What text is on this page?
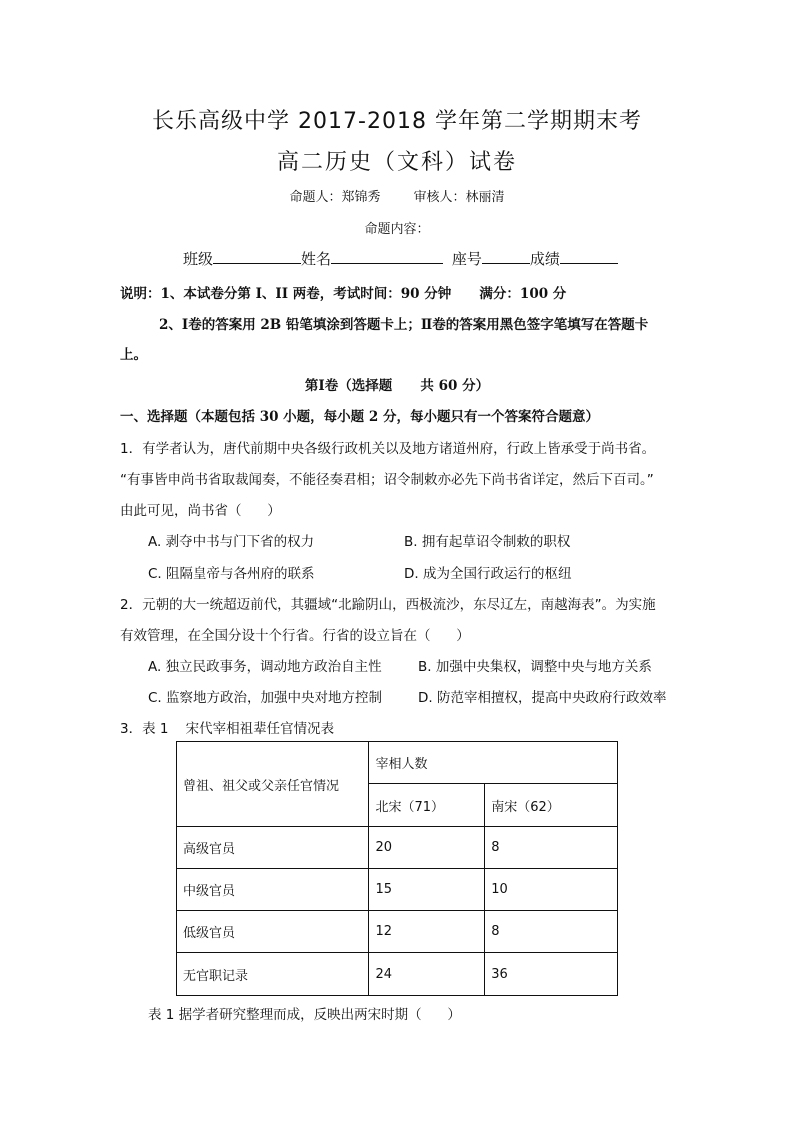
长乐高级中学 2017-2018 学年第二学期期末考
高二历史（文科）试卷
命题人：郑锦秀        审核人：林丽清
命题内容：
班级	姓名	座号	成绩
说明：1、本试卷分第 I、II 两卷，考试时间：90 分钟      满分：100 分
2、Ⅰ卷的答案用 2B 铅笔填涂到答题卡上；Ⅱ卷的答案用黑色签字笔填写在答题卡
上。
第Ⅰ卷（选择题      共 60 分）
一、选择题（本题包括 30 小题，每小题 2 分，每小题只有一个答案符合题意）
1．有学者认为，唐代前期中央各级行政机关以及地方诸道州府，行政上皆承受于尚书省。
“有事皆申尚书省取裁闻奏，不能径奏君相；诏令制敕亦必先下尚书省详定，然后下百司。”
由此可见，尚书省（      ）
A. 剥夺中书与门下省的权力	B. 拥有起草诏令制敕的职权
C. 阻隔皇帝与各州府的联系	D. 成为全国行政运行的枢纽
2．元朝的大一统超迈前代，其疆域“北踰阴山，西极流沙，东尽辽左，南越海表”。为实施
有效管理，在全国分设十个行省。行省的设立旨在（      ）
A. 独立民政事务，调动地方政治自主性	B. 加强中央集权，调整中央与地方关系
C. 监察地方政治，加强中央对地方控制	D. 防范宰相擅权，提高中央政府行政效率
3．表 1    宋代宰相祖辈任官情况表
曾祖、祖父或父亲任官情况	宰相人数	
	北宋（71）	南宋（62）
高级官员	20	8
中级官员	15	10
低级官员	12	8
无官职记录	24	36
表 1 据学者研究整理而成，反映出两宋时期（      ）
